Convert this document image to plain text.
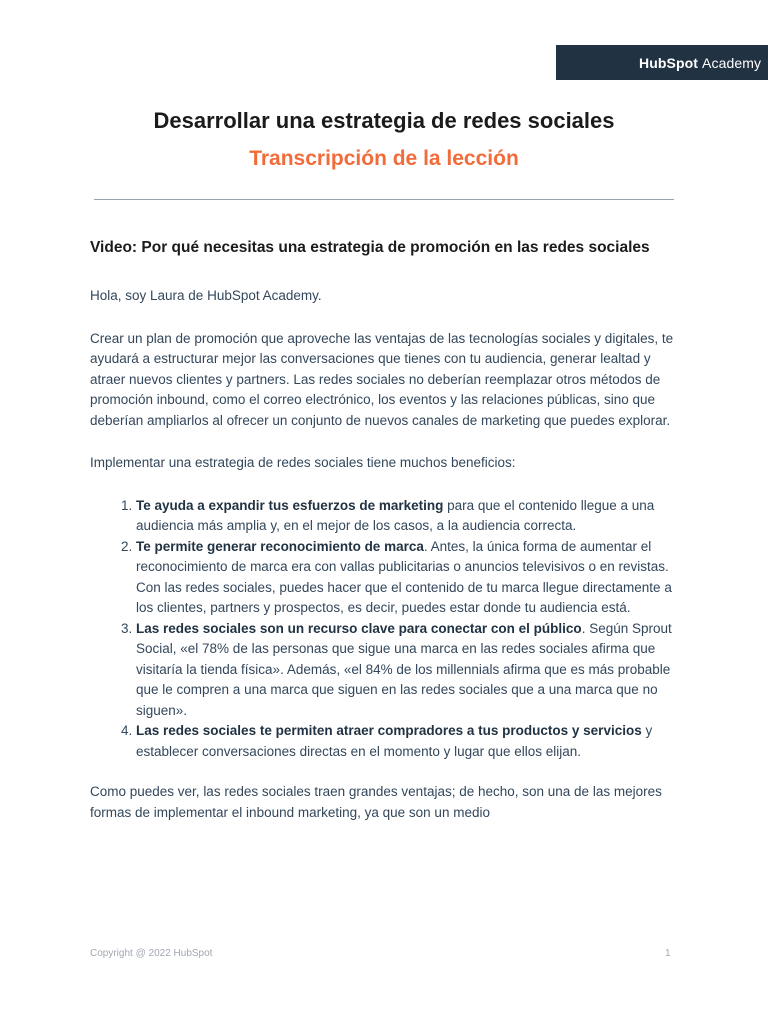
HubSpot Academy
Desarrollar una estrategia de redes sociales
Transcripción de la lección
Video: Por qué necesitas una estrategia de promoción en las redes sociales

Hola, soy Laura de HubSpot Academy.

Crear un plan de promoción que aproveche las ventajas de las tecnologías sociales y digitales, te ayudará a estructurar mejor las conversaciones que tienes con tu audiencia, generar lealtad y atraer nuevos clientes y partners. Las redes sociales no deberían reemplazar otros métodos de promoción inbound, como el correo electrónico, los eventos y las relaciones públicas, sino que deberían ampliarlos al ofrecer un conjunto de nuevos canales de marketing que puedes explorar.

Implementar una estrategia de redes sociales tiene muchos beneficios:

1. Te ayuda a expandir tus esfuerzos de marketing para que el contenido llegue a una audiencia más amplia y, en el mejor de los casos, a la audiencia correcta.
2. Te permite generar reconocimiento de marca. Antes, la única forma de aumentar el reconocimiento de marca era con vallas publicitarias o anuncios televisivos o en revistas. Con las redes sociales, puedes hacer que el contenido de tu marca llegue directamente a los clientes, partners y prospectos, es decir, puedes estar donde tu audiencia está.
3. Las redes sociales son un recurso clave para conectar con el público. Según Sprout Social, «el 78% de las personas que sigue una marca en las redes sociales afirma que visitaría la tienda física». Además, «el 84% de los millennials afirma que es más probable que le compren a una marca que siguen en las redes sociales que a una marca que no siguen».
4. Las redes sociales te permiten atraer compradores a tus productos y servicios y establecer conversaciones directas en el momento y lugar que ellos elijan.

Como puedes ver, las redes sociales traen grandes ventajas; de hecho, son una de las mejores formas de implementar el inbound marketing, ya que son un medio

Copyright @ 2022 HubSpot	1
